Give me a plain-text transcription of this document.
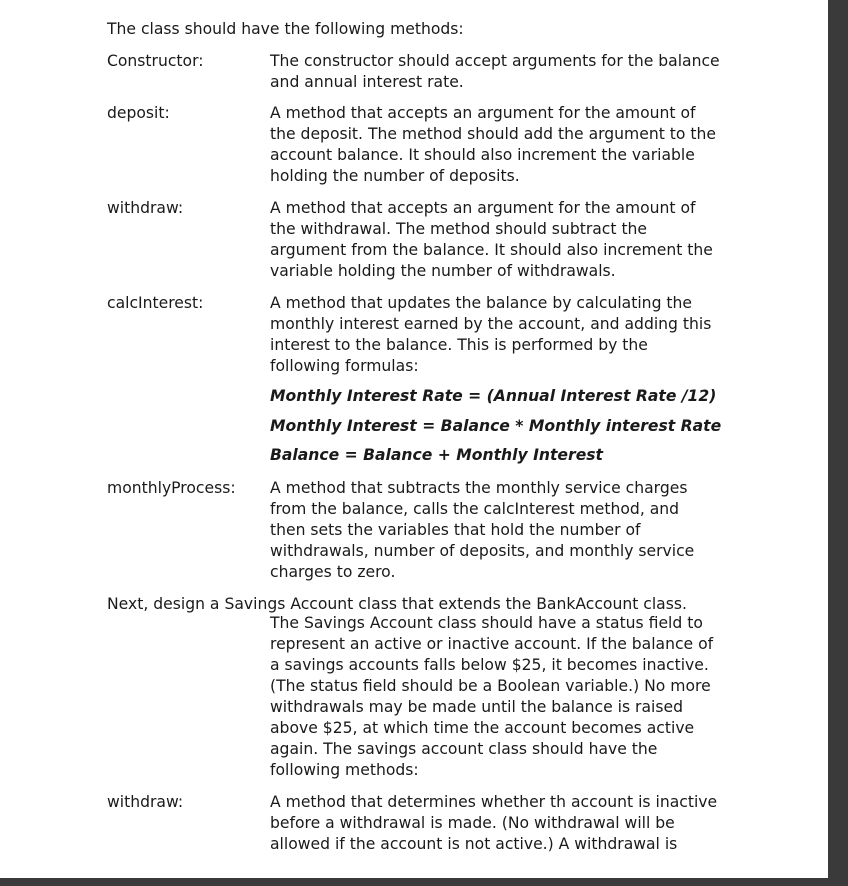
The class should have the following methods:
Constructor:	The constructor should accept arguments for the balance
and annual interest rate.
deposit:	A method that accepts an argument for the amount of
the deposit. The method should add the argument to the
account balance. It should also increment the variable
holding the number of deposits.
withdraw:	A method that accepts an argument for the amount of
the withdrawal. The method should subtract the
argument from the balance. It should also increment the
variable holding the number of withdrawals.
calcInterest:	A method that updates the balance by calculating the
monthly interest earned by the account, and adding this
interest to the balance. This is performed by the
following formulas:
Monthly Interest Rate = (Annual Interest Rate /12)
Monthly Interest = Balance * Monthly interest Rate
Balance = Balance + Monthly Interest
monthlyProcess: A method that subtracts the monthly service charges
from the balance, calls the calcInterest method, and
then sets the variables that hold the number of
withdrawals, number of deposits, and monthly service
charges to zero.
Next, design a Savings Account class that extends the BankAccount class.
The Savings Account class should have a status field to
represent an active or inactive account. If the balance of
a savings accounts falls below $25, it becomes inactive.
(The status field should be a Boolean variable.) No more
withdrawals may be made until the balance is raised
above $25, at which time the account becomes active
again. The savings account class should have the
following methods:
withdraw:	A method that determines whether th account is inactive
before a withdrawal is made. (No withdrawal will be
allowed if the account is not active.) A withdrawal is
